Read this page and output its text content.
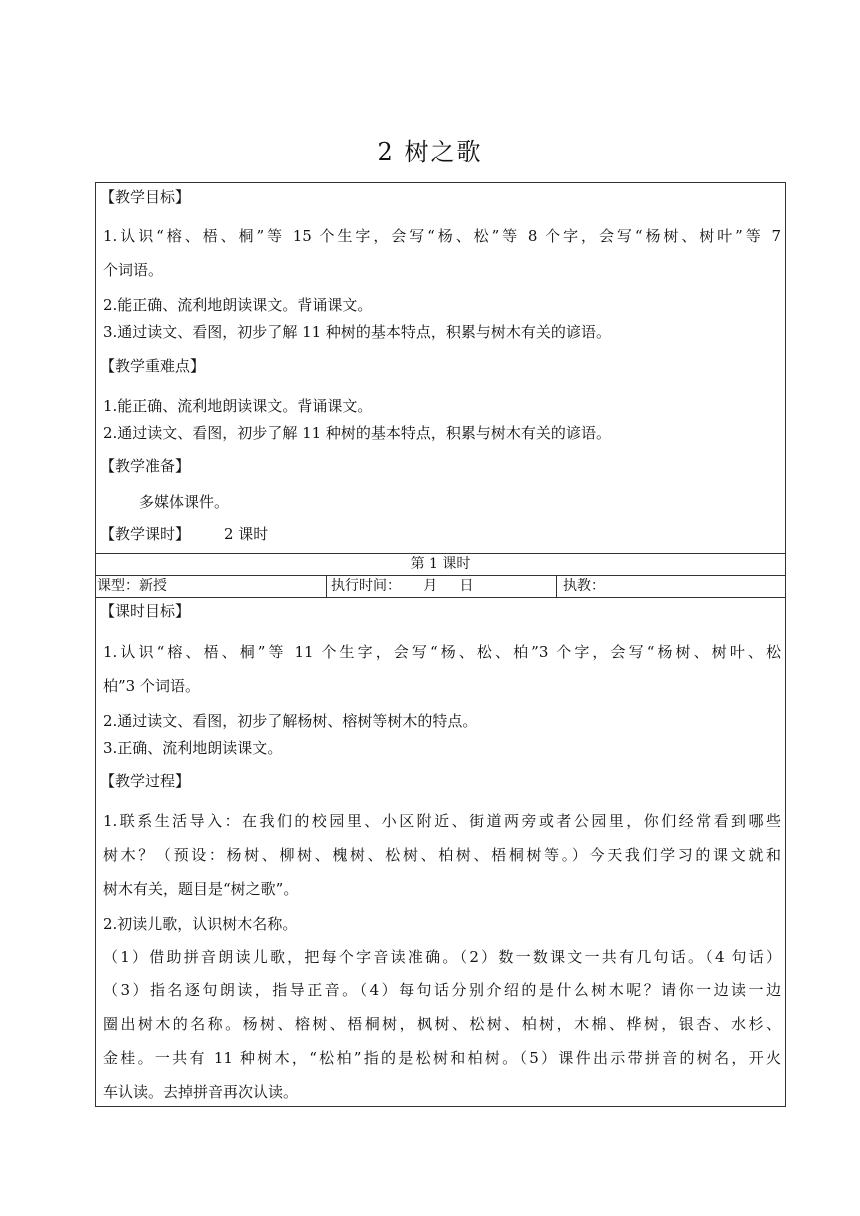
2 树之歌
【教学目标】
1.认识“榕、梧、桐”等 15 个生字，会写“杨、松”等 8 个字，会写“杨树、树叶”等 7
个词语。
2.能正确、流利地朗读课文。背诵课文。
3.通过读文、看图，初步了解 11 种树的基本特点，积累与树木有关的谚语。
【教学重难点】
1.能正确、流利地朗读课文。背诵课文。
2.通过读文、看图，初步了解 11 种树的基本特点，积累与树木有关的谚语。
【教学准备】
多媒体课件。
【教学课时】 2 课时
第 1 课时
课型：新授	执行时间：     月     日	执教：
【课时目标】
1.认识“榕、梧、桐”等 11 个生字，会写“杨、松、柏”3 个字，会写“杨树、树叶、松
柏”3 个词语。
2.通过读文、看图，初步了解杨树、榕树等树木的特点。
3.正确、流利地朗读课文。
【教学过程】
1.联系生活导入：在我们的校园里、小区附近、街道两旁或者公园里，你们经常看到哪些
树木？（预设：杨树、柳树、槐树、松树、柏树、梧桐树等。）今天我们学习的课文就和
树木有关，题目是“树之歌”。
2.初读儿歌，认识树木名称。
（1）借助拼音朗读儿歌，把每个字音读准确。（2）数一数课文一共有几句话。（4 句话）
（3）指名逐句朗读，指导正音。（4）每句话分别介绍的是什么树木呢？请你一边读一边
圈出树木的名称。杨树、榕树、梧桐树，枫树、松树、柏树，木棉、桦树，银杏、水杉、
金桂。一共有 11 种树木，“松柏”指的是松树和柏树。（5）课件出示带拼音的树名，开火
车认读。去掉拼音再次认读。
